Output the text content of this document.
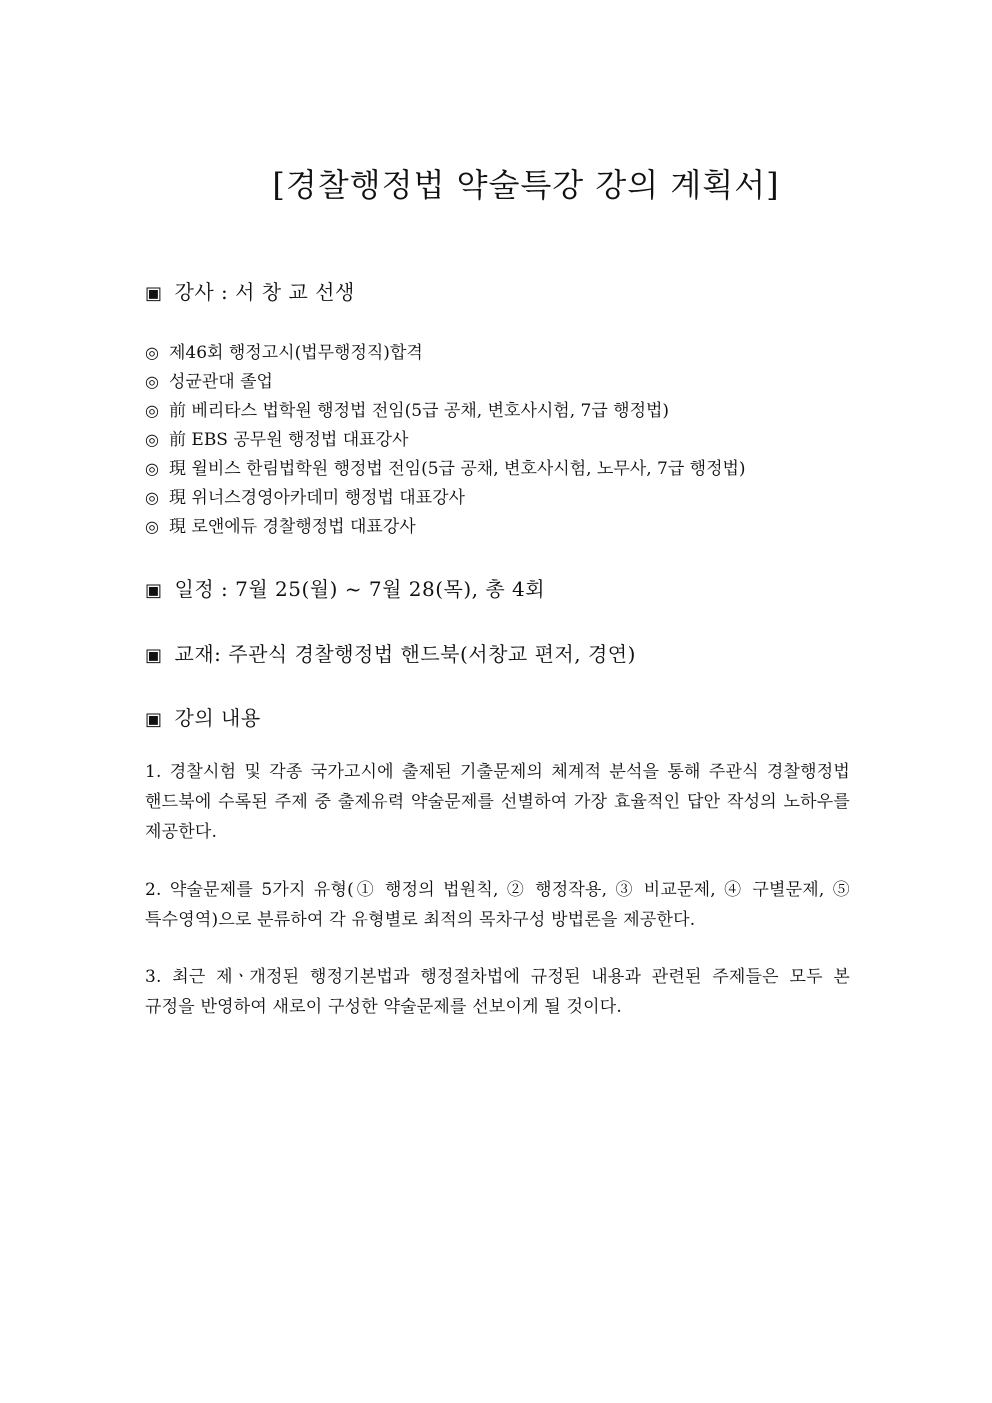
[경찰행정법 약술특강 강의 계획서]
▣ 강사 : 서 창 교 선생
◎ 제46회 행정고시(법무행정직)합격
◎ 성균관대 졸업
◎ 前 베리타스 법학원 행정법 전임(5급 공채, 변호사시험, 7급 행정법)
◎ 前 EBS 공무원 행정법 대표강사
◎ 現 윌비스 한림법학원 행정법 전임(5급 공채, 변호사시험, 노무사, 7급 행정법)
◎ 現 위너스경영아카데미 행정법 대표강사
◎ 現 로앤에듀 경찰행정법 대표강사
▣ 일정 : 7월 25(월) ~ 7월 28(목), 총 4회
▣ 교재: 주관식 경찰행정법 핸드북(서창교 편저, 경연)
▣ 강의 내용
1. 경찰시험 및 각종 국가고시에 출제된 기출문제의 체계적 분석을 통해 주관식 경찰행정법 핸드북에 수록된 주제 중 출제유력 약술문제를 선별하여 가장 효율적인 답안 작성의 노하우를 제공한다.
2. 약술문제를 5가지 유형(① 행정의 법원칙, ② 행정작용, ③ 비교문제, ④ 구별문제, ⑤ 특수영역)으로 분류하여 각 유형별로 최적의 목차구성 방법론을 제공한다.
3. 최근 제ㆍ개정된 행정기본법과 행정절차법에 규정된 내용과 관련된 주제들은 모두 본 규정을 반영하여 새로이 구성한 약술문제를 선보이게 될 것이다.
